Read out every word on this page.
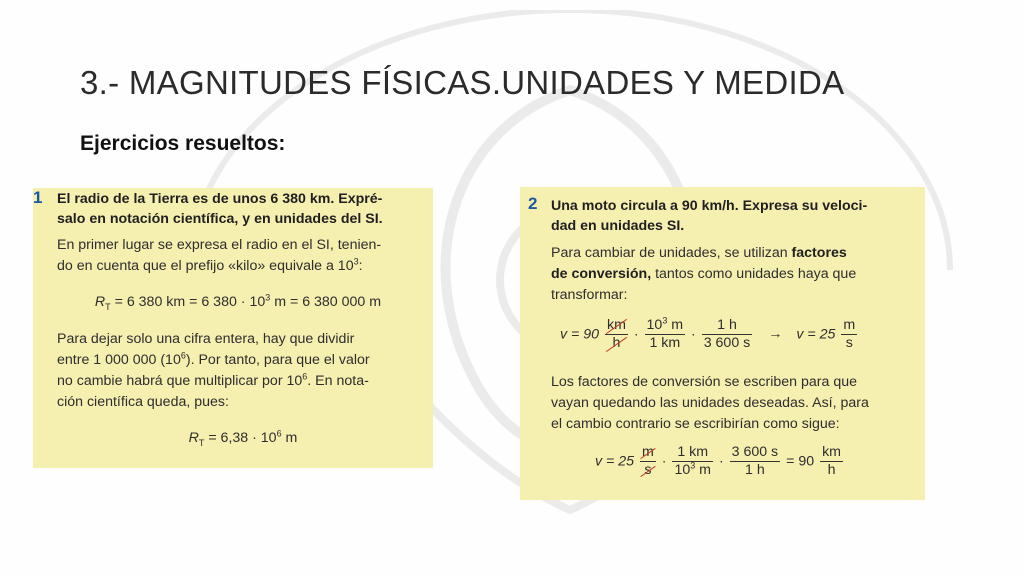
3.- MAGNITUDES FÍSICAS.UNIDADES Y MEDIDA
Ejercicios resueltos:
1 El radio de la Tierra es de unos 6 380 km. Expré-
salo en notación científica, y en unidades del SI.
En primer lugar se expresa el radio en el SI, tenien-
do en cuenta que el prefijo «kilo» equivale a $10^3$:
$R_T = 6$ 380 km = 6 $380 \cdot 10^3$ m = 6 380 000 m
Para dejar solo una cifra entera, hay que dividir
entre 1 000 000 $(10^6)$. Por tanto, para que el valor
no cambie habrá que multiplicar por $10^6$. En nota-
ción científica queda, pues:
$R_T = 6,38 \cdot 10^6$ m
2 Una moto circula a 90 km/h. Expresa su veloci-
dad en unidades SI.
Para cambiar de unidades, se utilizan factores
de conversión, tantos como unidades haya que
transformar:
$v = 90 \frac{km}{h} \cdot \frac{10^3 m}{1 km} \cdot \frac{1 h}{3 600 s} \to v = 25 \frac{m}{s}$
Los factores de conversión se escriben para que
vayan quedando las unidades deseadas. Así, para
el cambio contrario se escribirían como sigue:
$v = 25 \frac{m}{s} \cdot \frac{1 km}{10^3 m} \cdot \frac{3 600 s}{1 h} = 90 \frac{km}{h}$
